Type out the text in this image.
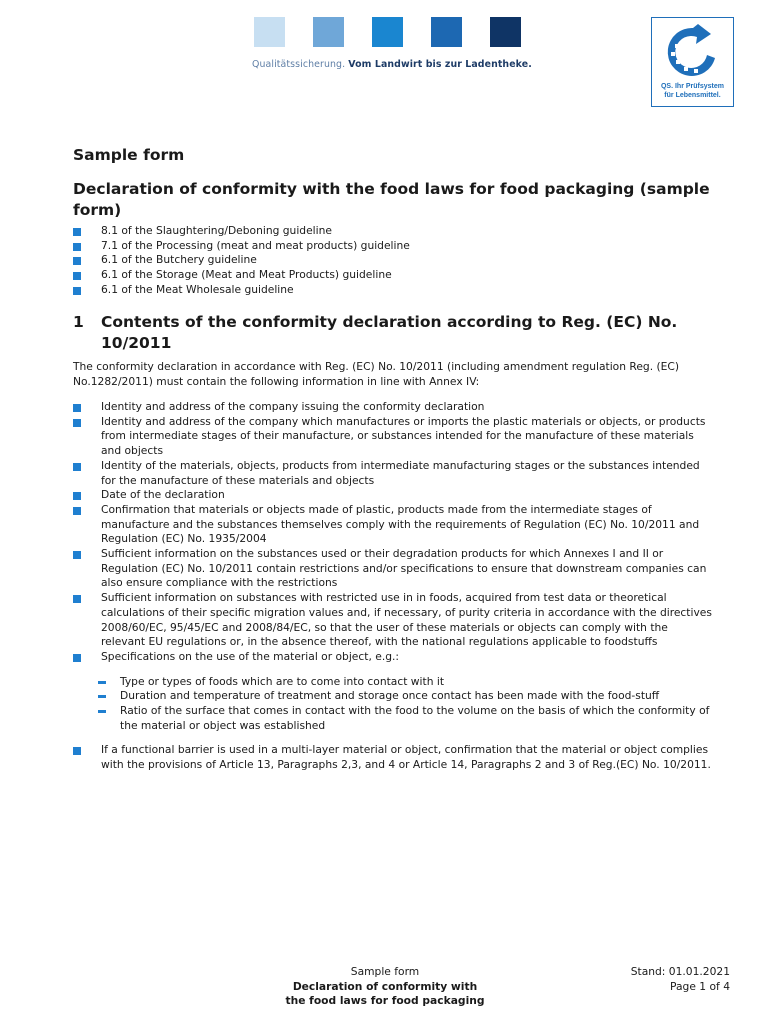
Qualitätssicherung. Vom Landwirt bis zur Ladentheke.
QS. Ihr Prüfsystem
für Lebensmittel.
Sample form
Declaration of conformity with the food laws for food packaging (sample form)
8.1 of the Slaughtering/Deboning guideline
7.1 of the Processing (meat and meat products) guideline
6.1 of the Butchery guideline
6.1 of the Storage (Meat and Meat Products) guideline
6.1 of the Meat Wholesale guideline
1 Contents of the conformity declaration according to Reg. (EC) No. 10/2011
The conformity declaration in accordance with Reg. (EC) No. 10/2011 (including amendment regulation Reg. (EC) No.1282/2011) must contain the following information in line with Annex IV:
Identity and address of the company issuing the conformity declaration
Identity and address of the company which manufactures or imports the plastic materials or objects, or products from intermediate stages of their manufacture, or substances intended for the manufacture of these materials and objects
Identity of the materials, objects, products from intermediate manufacturing stages or the substances intended for the manufacture of these materials and objects
Date of the declaration
Confirmation that materials or objects made of plastic, products made from the intermediate stages of manufacture and the substances themselves comply with the requirements of Regulation (EC) No. 10/2011 and Regulation (EC) No. 1935/2004
Sufficient information on the substances used or their degradation products for which Annexes I and II or Regulation (EC) No. 10/2011 contain restrictions and/or specifications to ensure that downstream companies can also ensure compliance with the restrictions
Sufficient information on substances with restricted use in in foods, acquired from test data or theoretical calculations of their specific migration values and, if necessary, of purity criteria in accordance with the directives 2008/60/EC, 95/45/EC and 2008/84/EC, so that the user of these materials or objects can comply with the relevant EU regulations or, in the absence thereof, with the national regulations applicable to foodstuffs
Specifications on the use of the material or object, e.g.:
Type or types of foods which are to come into contact with it
Duration and temperature of treatment and storage once contact has been made with the food-stuff
Ratio of the surface that comes in contact with the food to the volume on the basis of which the conformity of the material or object was established
If a functional barrier is used in a multi-layer material or object, confirmation that the material or object complies with the provisions of Article 13, Paragraphs 2,3, and 4 or Article 14, Paragraphs 2 and 3 of Reg.(EC) No. 10/2011.
Sample form
Declaration of conformity with
the food laws for food packaging
Stand: 01.01.2021
Page 1 of 4
